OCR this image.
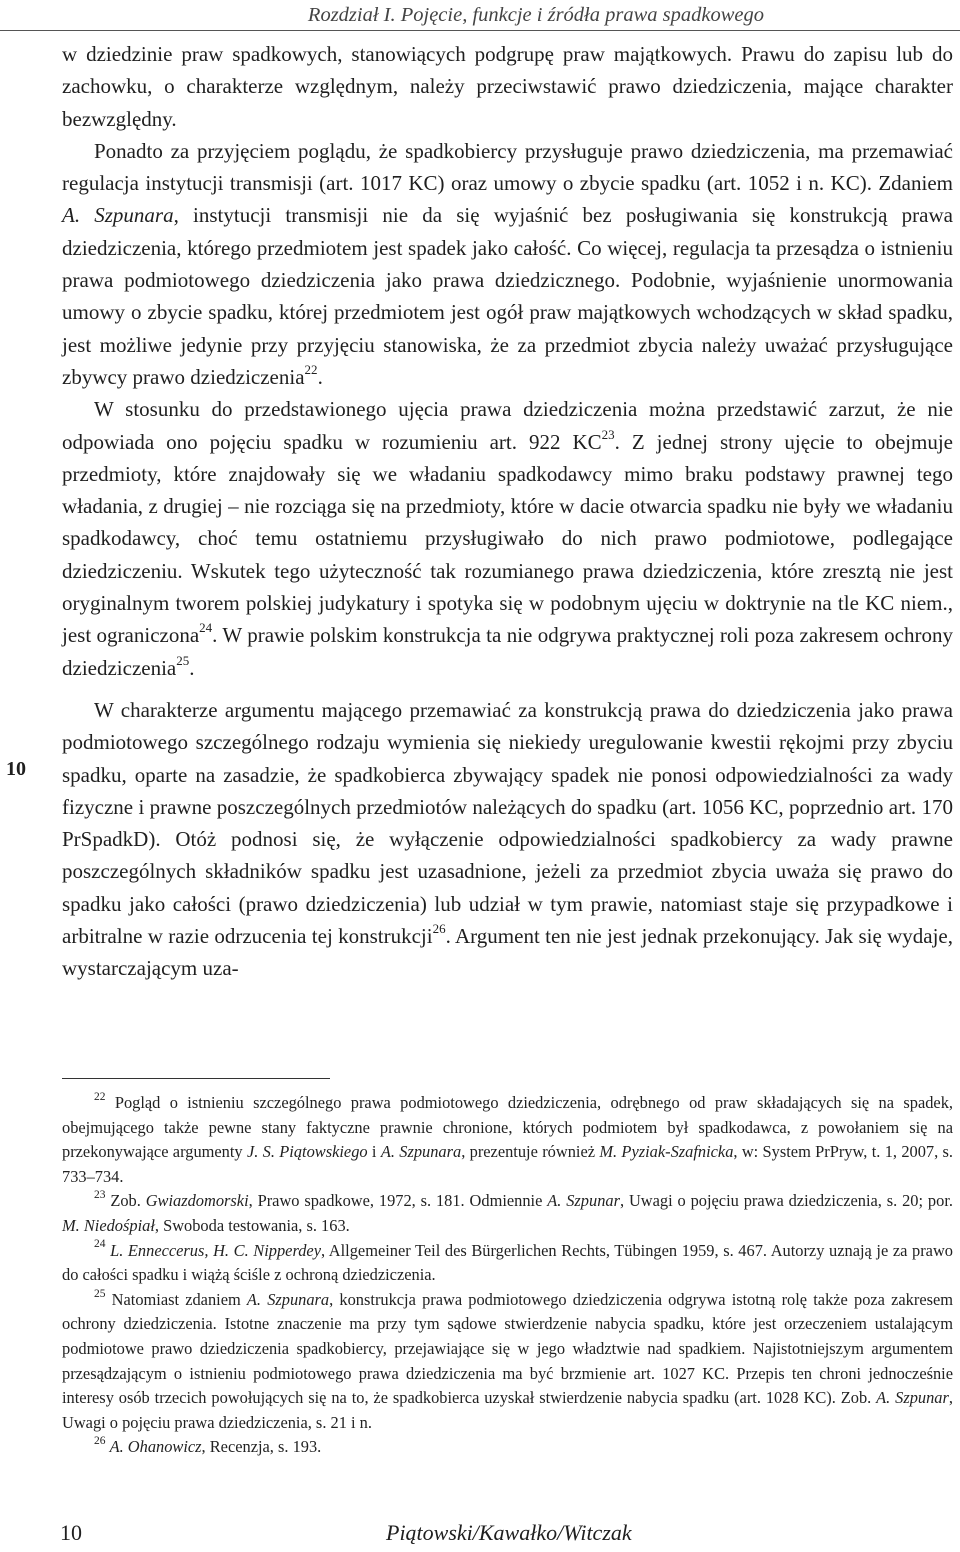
Rozdział I. Pojęcie, funkcje i źródła prawa spadkowego
10

w dziedzinie praw spadkowych, stanowiących podgrupę praw majątkowych. Prawu do zapisu lub do zachowku, o charakterze względnym, należy przeciwstawić prawo dziedziczenia, mające charakter bezwzględny.

Ponadto za przyjęciem poglądu, że spadkobiercy przysługuje prawo dziedziczenia, ma przemawiać regulacja instytucji transmisji (art. 1017 KC) oraz umowy o zbycie spadku (art. 1052 i n. KC). Zdaniem A. Szpunara, instytucji transmisji nie da się wyjaśnić bez posługiwania się konstrukcją prawa dziedziczenia, którego przedmiotem jest spadek jako całość. Co więcej, regulacja ta przesądza o istnieniu prawa podmiotowego dziedziczenia jako prawa dziedzicznego. Podobnie, wyjaśnienie unormowania umowy o zbycie spadku, której przedmiotem jest ogół praw majątkowych wchodzących w skład spadku, jest możliwe jedynie przy przyjęciu stanowiska, że za przedmiot zbycia należy uważać przysługujące zbywcy prawo dziedziczenia$^{22}$.

W stosunku do przedstawionego ujęcia prawa dziedziczenia można przedstawić zarzut, że nie odpowiada ono pojęciu spadku w rozumieniu art. 922 KC$^{23}$. Z jednej strony ujęcie to obejmuje przedmioty, które znajdowały się we władaniu spadkodawcy mimo braku podstawy prawnej tego władania, z drugiej – nie rozciąga się na przedmioty, które w dacie otwarcia spadku nie były we władaniu spadkodawcy, choć temu ostatniemu przysługiwało do nich prawo podmiotowe, podlegające dziedziczeniu. Wskutek tego użyteczność tak rozumianego prawa dziedziczenia, które zresztą nie jest oryginalnym tworem polskiej judykatury i spotyka się w podobnym ujęciu w doktrynie na tle KC niem., jest ograniczona$^{24}$. W prawie polskim konstrukcja ta nie odgrywa praktycznej roli poza zakresem ochrony dziedziczenia$^{25}$.

W charakterze argumentu mającego przemawiać za konstrukcją prawa do dziedziczenia jako prawa podmiotowego szczególnego rodzaju wymienia się niekiedy uregulowanie kwestii rękojmi przy zbyciu spadku, oparte na zasadzie, że spadkobierca zbywający spadek nie ponosi odpowiedzialności za wady fizyczne i prawne poszczególnych przedmiotów należących do spadku (art. 1056 KC, poprzednio art. 170 PrSpadkD). Otóż podnosi się, że wyłączenie odpowiedzialności spadkobiercy za wady prawne poszczególnych składników spadku jest uzasadnione, jeżeli za przedmiot zbycia uważa się prawo do spadku jako całości (prawo dziedziczenia) lub udział w tym prawie, natomiast staje się przypadkowe i arbitralne w razie odrzucenia tej konstrukcji$^{26}$. Argument ten nie jest jednak przekonujący. Jak się wydaje, wystarczającym uza-

$^{22}$ Pogląd o istnieniu szczególnego prawa podmiotowego dziedziczenia, odrębnego od praw składających się na spadek, obejmującego także pewne stany faktyczne prawnie chronione, których podmiotem był spadkodawca, z powołaniem się na przekonywające argumenty J. S. Piątowskiego i A. Szpunara, prezentuje również M. Pyziak-Szafnicka, w: System PrPryw, t. 1, 2007, s. 733–734.

$^{23}$ Zob. Gwiazdomorski, Prawo spadkowe, 1972, s. 181. Odmiennie A. Szpunar, Uwagi o pojęciu prawa dziedziczenia, s. 20; por. M. Niedośpiał, Swoboda testowania, s. 163.

$^{24}$ L. Enneccerus, H. C. Nipperdey, Allgemeiner Teil des Bürgerlichen Rechts, Tübingen 1959, s. 467. Autorzy uznają je za prawo do całości spadku i wiążą ściśle z ochroną dziedziczenia.

$^{25}$ Natomiast zdaniem A. Szpunara, konstrukcja prawa podmiotowego dziedziczenia odgrywa istotną rolę także poza zakresem ochrony dziedziczenia. Istotne znaczenie ma przy tym sądowe stwierdzenie nabycia spadku, które jest orzeczeniem ustalającym podmiotowe prawo dziedziczenia spadkobiercy, przejawiające się w jego władztwie nad spadkiem. Najistotniejszym argumentem przesądzającym o istnieniu podmiotowego prawa dziedziczenia ma być brzmienie art. 1027 KC. Przepis ten chroni jednocześnie interesy osób trzecich powołujących się na to, że spadkobierca uzyskał stwierdzenie nabycia spadku (art. 1028 KC). Zob. A. Szpunar, Uwagi o pojęciu prawa dziedziczenia, s. 21 i n.

$^{26}$ A. Ohanowicz, Recenzja, s. 193.

10	Piątowski/Kawałko/Witczak
